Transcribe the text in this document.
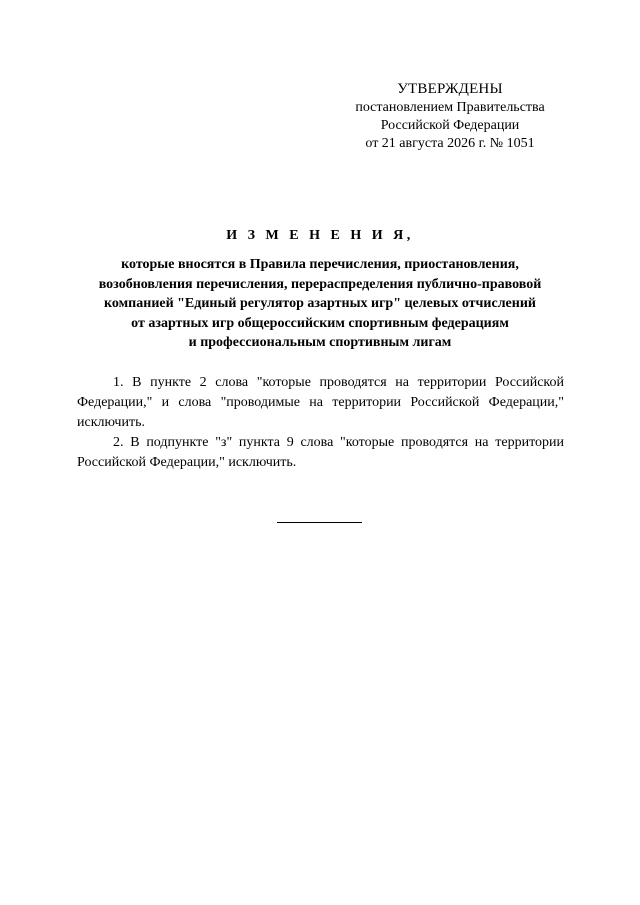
УТВЕРЖДЕНЫ
постановлением Правительства
Российской Федерации
от 21 августа 2026 г. № 1051
И З М Е Н Е Н И Я,
которые вносятся в Правила перечисления, приостановления,
возобновления перечисления, перераспределения публично-правовой
компанией "Единый регулятор азартных игр" целевых отчислений
от азартных игр общероссийским спортивным федерациям
и профессиональным спортивным лигам

1. В пункте 2 слова "которые проводятся на территории Российской Федерации," и слова "проводимые на территории Российской Федерации," исключить.

2. В подпункте "з" пункта 9 слова "которые проводятся на территории Российской Федерации," исключить.
